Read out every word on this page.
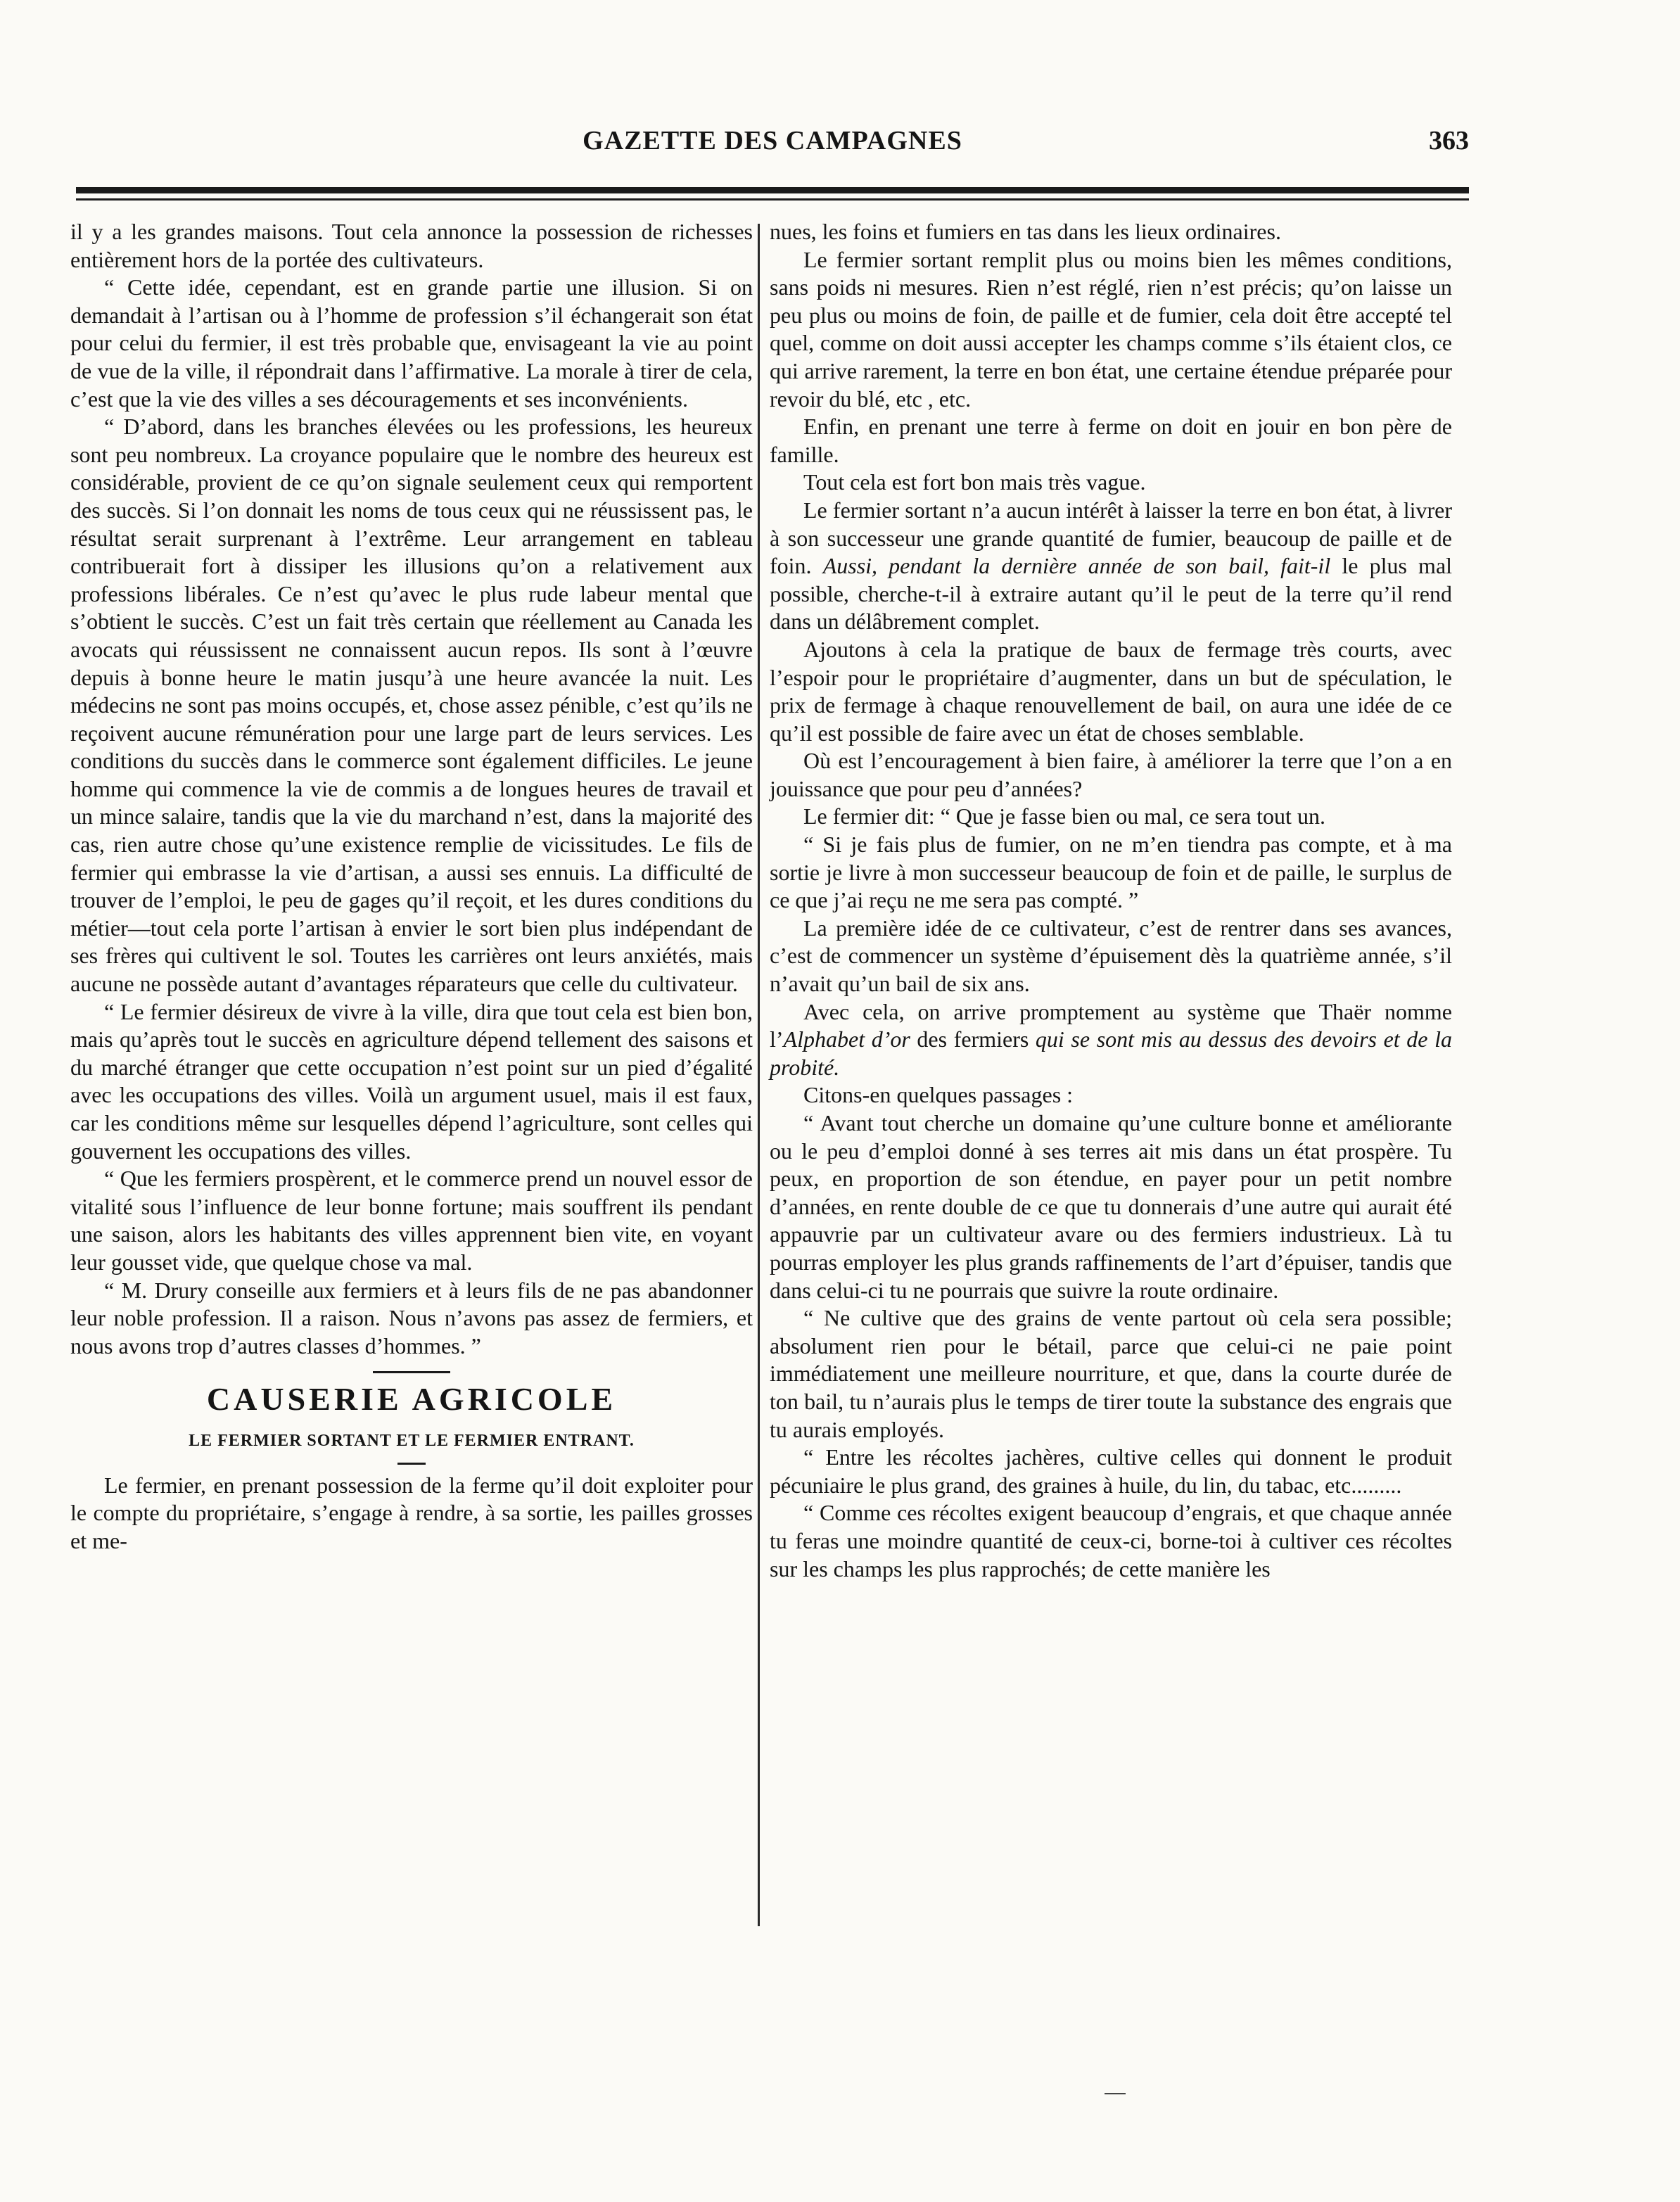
GAZETTE DES CAMPAGNES	363

il y a les grandes maisons. Tout cela annonce la possession de richesses entièrement hors de la portée des cultivateurs.

“ Cette idée, cependant, est en grande partie une illusion. Si on demandait à l’artisan ou à l’homme de profession s’il échangerait son état pour celui du fermier, il est très probable que, envisageant la vie au point de vue de la ville, il répondrait dans l’affirmative. La morale à tirer de cela, c’est que la vie des villes a ses découragements et ses inconvénients.

“ D’abord, dans les branches élevées ou les professions, les heureux sont peu nombreux. La croyance populaire que le nombre des heureux est considérable, provient de ce qu’on signale seulement ceux qui remportent des succès. Si l’on donnait les noms de tous ceux qui ne réussissent pas, le résultat serait surprenant à l’extrême. Leur arrangement en tableau contribuerait fort à dissiper les illusions qu’on a relativement aux professions libérales. Ce n’est qu’avec le plus rude labeur mental que s’obtient le succès. C’est un fait très certain que réellement au Canada les avocats qui réussissent ne connaissent aucun repos. Ils sont à l’œuvre depuis à bonne heure le matin jusqu’à une heure avancée la nuit. Les médecins ne sont pas moins occupés, et, chose assez pénible, c’est qu’ils ne reçoivent aucune rémunération pour une large part de leurs services. Les conditions du succès dans le commerce sont également difficiles. Le jeune homme qui commence la vie de commis a de longues heures de travail et un mince salaire, tandis que la vie du marchand n’est, dans la majorité des cas, rien autre chose qu’une existence remplie de vicissitudes. Le fils de fermier qui embrasse la vie d’artisan, a aussi ses ennuis. La difficulté de trouver de l’emploi, le peu de gages qu’il reçoit, et les dures conditions du métier—tout cela porte l’artisan à envier le sort bien plus indépendant de ses frères qui cultivent le sol. Toutes les carrières ont leurs anxiétés, mais aucune ne possède autant d’avantages réparateurs que celle du cultivateur.

“ Le fermier désireux de vivre à la ville, dira que tout cela est bien bon, mais qu’après tout le succès en agriculture dépend tellement des saisons et du marché étranger que cette occupation n’est point sur un pied d’égalité avec les occupations des villes. Voilà un argument usuel, mais il est faux, car les conditions même sur lesquelles dépend l’agriculture, sont celles qui gouvernent les occupations des villes.

“ Que les fermiers prospèrent, et le commerce prend un nouvel essor de vitalité sous l’influence de leur bonne fortune; mais souffrent ils pendant une saison, alors les habitants des villes apprennent bien vite, en voyant leur gousset vide, que quelque chose va mal.

“ M. Drury conseille aux fermiers et à leurs fils de ne pas abandonner leur noble profession. Il a raison. Nous n’avons pas assez de fermiers, et nous avons trop d’autres classes d’hommes. ”

CAUSERIE AGRICOLE
LE FERMIER SORTANT ET LE FERMIER ENTRANT.

Le fermier, en prenant possession de la ferme qu’il doit exploiter pour le compte du propriétaire, s’engage à rendre, à sa sortie, les pailles grosses et me-

nues, les foins et fumiers en tas dans les lieux ordinaires.

Le fermier sortant remplit plus ou moins bien les mêmes conditions, sans poids ni mesures. Rien n’est réglé, rien n’est précis; qu’on laisse un peu plus ou moins de foin, de paille et de fumier, cela doit être accepté tel quel, comme on doit aussi accepter les champs comme s’ils étaient clos, ce qui arrive rarement, la terre en bon état, une certaine étendue préparée pour revoir du blé, etc , etc.

Enfin, en prenant une terre à ferme on doit en jouir en bon père de famille.

Tout cela est fort bon mais très vague.

Le fermier sortant n’a aucun intérêt à laisser la terre en bon état, à livrer à son successeur une grande quantité de fumier, beaucoup de paille et de foin. Aussi, pendant la dernière année de son bail, fait-il le plus mal possible, cherche-t-il à extraire autant qu’il le peut de la terre qu’il rend dans un délâbrement complet.

Ajoutons à cela la pratique de baux de fermage très courts, avec l’espoir pour le propriétaire d’augmenter, dans un but de spéculation, le prix de fermage à chaque renouvellement de bail, on aura une idée de ce qu’il est possible de faire avec un état de choses semblable.

Où est l’encouragement à bien faire, à améliorer la terre que l’on a en jouissance que pour peu d’années?

Le fermier dit: “ Que je fasse bien ou mal, ce sera tout un.

“ Si je fais plus de fumier, on ne m’en tiendra pas compte, et à ma sortie je livre à mon successeur beaucoup de foin et de paille, le surplus de ce que j’ai reçu ne me sera pas compté. ”

La première idée de ce cultivateur, c’est de rentrer dans ses avances, c’est de commencer un système d’épuisement dès la quatrième année, s’il n’avait qu’un bail de six ans.

Avec cela, on arrive promptement au système que Thaër nomme l’Alphabet d’or des fermiers qui se sont mis au dessus des devoirs et de la probité.

Citons-en quelques passages :

“ Avant tout cherche un domaine qu’une culture bonne et améliorante ou le peu d’emploi donné à ses terres ait mis dans un état prospère. Tu peux, en proportion de son étendue, en payer pour un petit nombre d’années, en rente double de ce que tu donnerais d’une autre qui aurait été appauvrie par un cultivateur avare ou des fermiers industrieux. Là tu pourras employer les plus grands raffinements de l’art d’épuiser, tandis que dans celui-ci tu ne pourrais que suivre la route ordinaire.

“ Ne cultive que des grains de vente partout où cela sera possible; absolument rien pour le bétail, parce que celui-ci ne paie point immédiatement une meilleure nourriture, et que, dans la courte durée de ton bail, tu n’aurais plus le temps de tirer toute la substance des engrais que tu aurais employés.

“ Entre les récoltes jachères, cultive celles qui donnent le produit pécuniaire le plus grand, des graines à huile, du lin, du tabac, etc.........

“ Comme ces récoltes exigent beaucoup d’engrais, et que chaque année tu feras une moindre quantité de ceux-ci, borne-toi à cultiver ces récoltes sur les champs les plus rapprochés; de cette manière les
